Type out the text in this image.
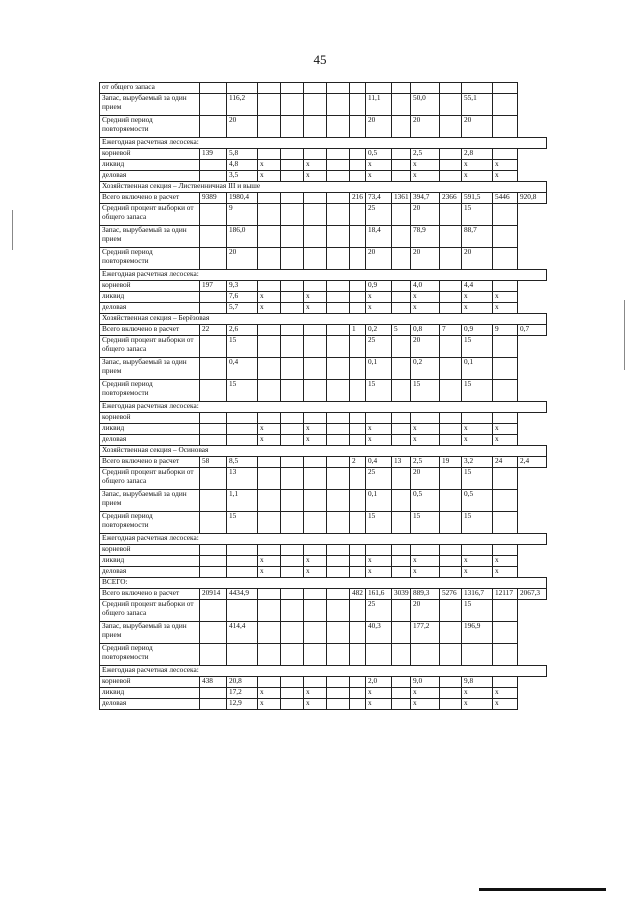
45
от общего запаса														
Запас, вырубаемый за один прием		116,2						11,1		50,0		55,1		
Средний период повторяемости		20						20		20		20		
Ежегодная расчетная лесосека:														
корневой	139	5,8						0,5		2,5		2,8		
ликвид		4,8	x		x			x		x		x	x	
деловая		3,5	x		x			x		x		x	x	
Хозяйственная секция – Лиственничная III и выше														
Всего включено в расчет	9389	1980,4					216	73,4	1361	394,7	2366	591,5	5446	920,8
Средний процент выборки от общего запаса		9						25		20		15		
Запас, вырубаемый за один прием		186,0						18,4		78,9		88,7		
Средний период повторяемости		20						20		20		20		
Ежегодная расчетная лесосека:														
корневой	197	9,3						0,9		4,0		4,4		
ликвид		7,6	x		x			x		x		x	x	
деловая		5,7	x		x			x		x		x	x	
Хозяйственная секция – Берёзовая														
Всего включено в расчет	22	2,6					1	0,2	5	0,8	7	0,9	9	0,7
Средний процент выборки от общего запаса		15						25		20		15		
Запас, вырубаемый за один прием		0,4						0,1		0,2		0,1		
Средний период повторяемости		15						15		15		15		
Ежегодная расчетная лесосека:														
корневой														
ликвид			x		x			x		x		x	x	
деловая			x		x			x		x		x	x	
Хозяйственная секция – Осиновая														
Всего включено в расчет	58	8,5					2	0,4	13	2,5	19	3,2	24	2,4
Средний процент выборки от общего запаса		13						25		20		15		
Запас, вырубаемый за один прием		1,1						0,1		0,5		0,5		
Средний период повторяемости		15						15		15		15		
Ежегодная расчетная лесосека:														
корневой														
ликвид			x		x			x		x		x	x	
деловая			x		x			x		x		x	x	
ВСЕГО:														
Всего включено в расчет	20914	4434,9					482	161,6	3039	889,3	5276	1316,7	12117	2067,3
Средний процент выборки от общего запаса								25		20		15		
Запас, вырубаемый за один прием		414,4						40,3		177,2		196,9		
Средний период повторяемости														
Ежегодная расчетная лесосека:														
корневой	438	20,8						2,0		9,0		9,8		
ликвид		17,2	x		x			x		x		x	x	
деловая		12,9	x		x			x		x		x	x	
